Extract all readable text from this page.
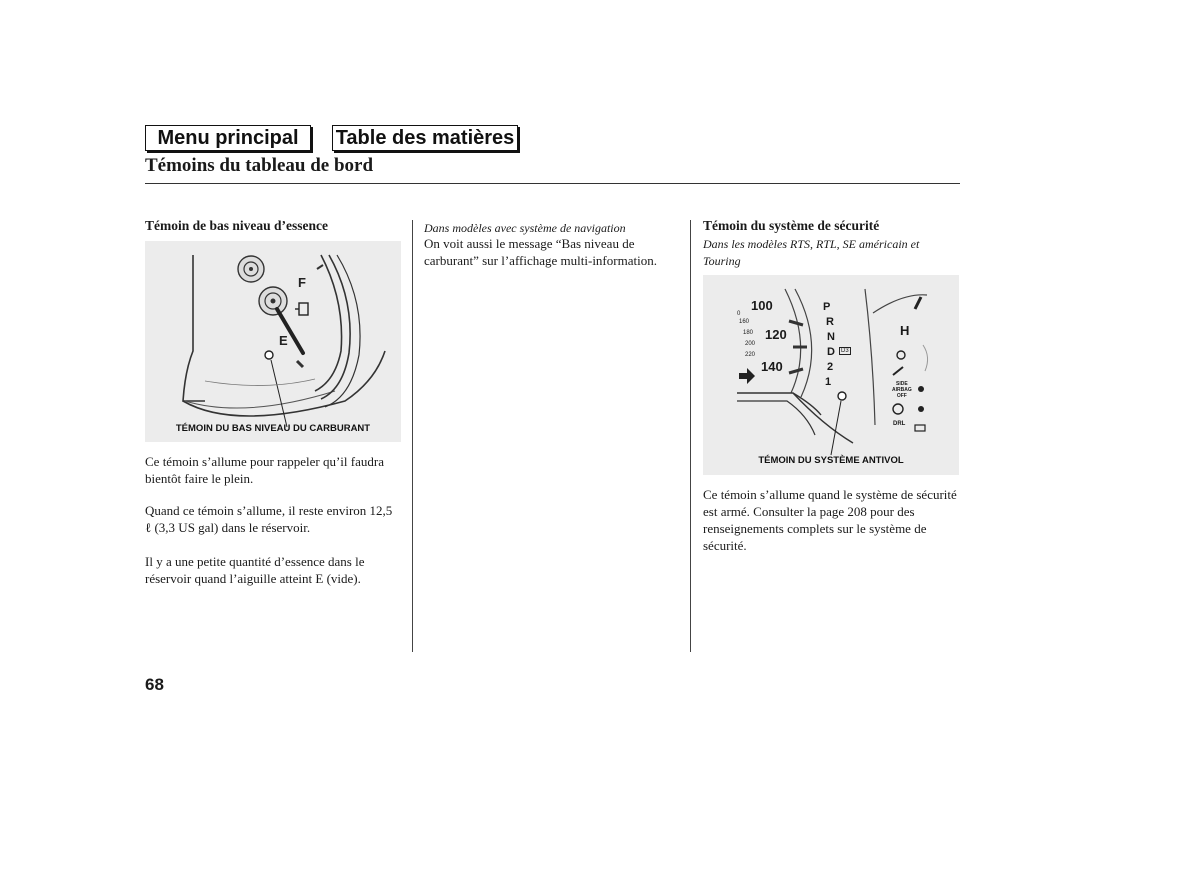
Menu principal	Table des matières
Témoins du tableau de bord
Témoin de bas niveau d’essence
F
E
TÉMOIN DU BAS NIVEAU DU CARBURANT
Ce témoin s’allume pour rappeler qu’il faudra bientôt faire le plein.
Quand ce témoin s’allume, il reste environ 12,5 ℓ (3,3 US gal) dans le réservoir.
Il y a une petite quantité d’essence dans le réservoir quand l’aiguille atteint E (vide).
Dans modèles avec système de navigation
On voit aussi le message “Bas niveau de carburant” sur l’affichage multi-information.
Témoin du système de sécurité
Dans les modèles RTS, RTL, SE américain et Touring
100
120
140
0
160
180
200
220
P
R
N
D
2
1
D3
H
SIDE
AIRBAG
OFF
DRL
TÉMOIN DU SYSTÈME ANTIVOL
Ce témoin s’allume quand le système de sécurité est armé. Consulter la page 208 pour des renseignements complets sur le système de sécurité.
68
